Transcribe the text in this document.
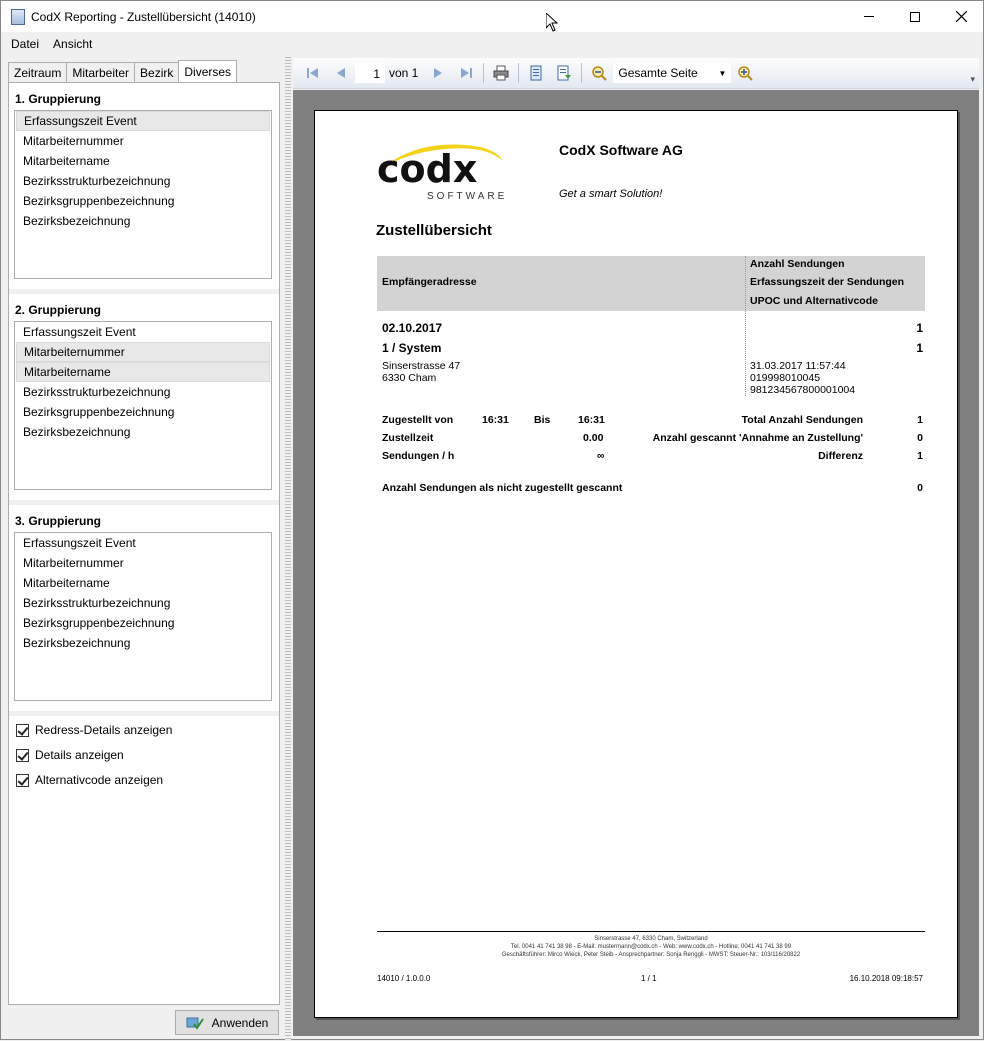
CodX Reporting - Zustellübersicht (14010)
Datei Ansicht
Zeitraum Mitarbeiter Bezirk Diverses
1. Gruppierung
Erfassungszeit Event
Mitarbeiternummer
Mitarbeitername
Bezirksstrukturbezeichnung
Bezirksgruppenbezeichnung
Bezirksbezeichnung
2. Gruppierung
Erfassungszeit Event
Mitarbeiternummer
Mitarbeitername
Bezirksstrukturbezeichnung
Bezirksgruppenbezeichnung
Bezirksbezeichnung
3. Gruppierung
Erfassungszeit Event
Mitarbeiternummer
Mitarbeitername
Bezirksstrukturbezeichnung
Bezirksgruppenbezeichnung
Bezirksbezeichnung
Redress-Details anzeigen
Details anzeigen
Alternativcode anzeigen
Anwenden
1 von 1	Gesamte Seite	▼
▾
codx
SOFTWARE
CodX Software AG
Get a smart Solution!
Zustellübersicht
Empfängeradresse
Anzahl Sendungen
Erfassungszeit der Sendungen
UPOC und Alternativcode
02.10.2017	1
1 / System	1
Sinserstrasse 47
6330 Cham
31.03.2017 11:57:44
019998010045
981234567800001004
Zugestellt von	16:31 Bis	16:31	Total Anzahl Sendungen	1
Zustellzeit	0.00	Anzahl gescannt 'Annahme an Zustellung'	0
Sendungen / h	∞	Differenz	1
Anzahl Sendungen als nicht zugestellt gescannt	0
Sinserstrasse 47, 6330 Cham, Switzerland
Tel. 0041 41 741 38 98 - E-Mail: mustermann@codx.ch - Web: www.codx.ch - Hotline: 0041 41 741 38 99
Geschäftsführer: Mirco Wieck, Peter Steib - Ansprechpartner: Sonja Renggli - MWST: Steuer-Nr.: 103/116/20822
14010 / 1.0.0.0	1 / 1	16.10.2018 09:18:57
